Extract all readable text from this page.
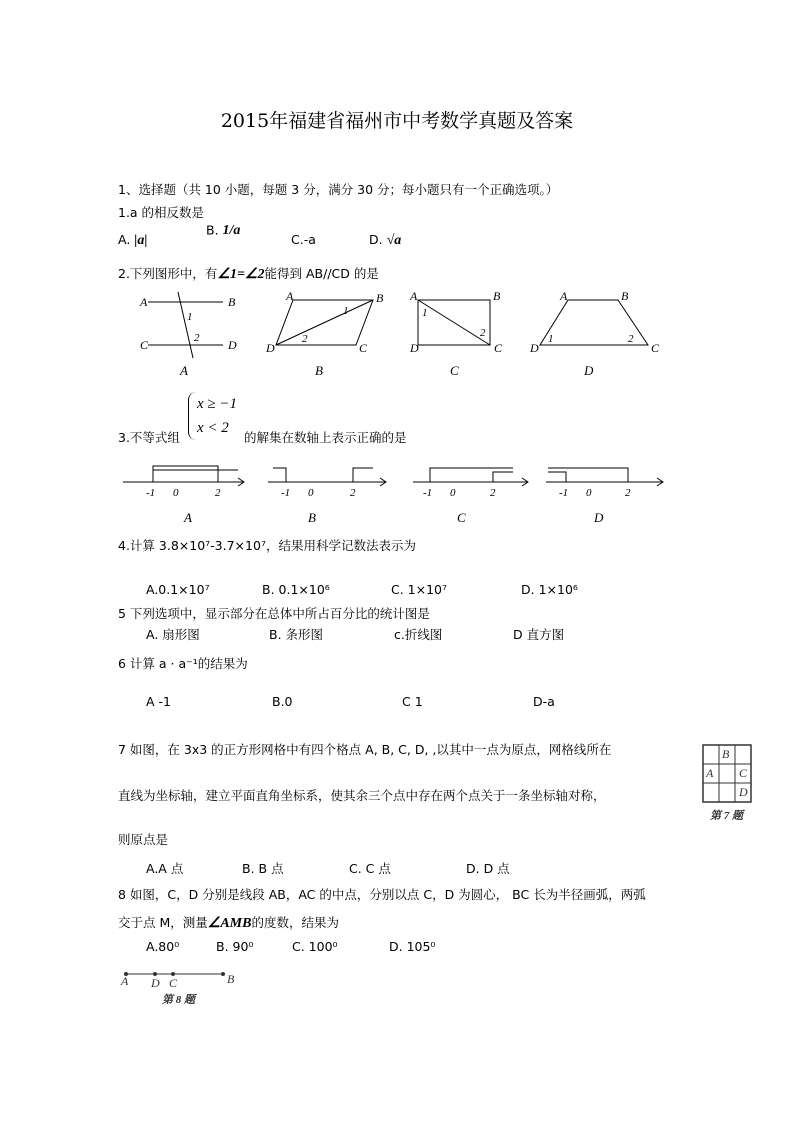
2015年福建省福州市中考数学真题及答案
1、选择题（共 10 小题，每题 3 分，满分 30 分；每小题只有一个正确选项。）
1.a 的相反数是
A. |a|
B. 1/a
C.-a	D. √a
2.下列图形中，有∠1=∠2能得到 AB//CD 的是
A	B
C	D
1
2
A
A	B
D	C
1
2
B
A	B
D	C
1
2
C
A	B
D	C
1	2
D
3.不等式组
x ≥ −1
x < 2
的解集在数轴上表示正确的是
-1 0	2
A
-1 0	2
B
-1 0	2
C
-1 0	2
D
4.计算 3.8×10⁷-3.7×10⁷，结果用科学记数法表示为
A.0.1×10⁷	B. 0.1×10⁶	C. 1×10⁷	D. 1×10⁶
5 下列选项中，显示部分在总体中所占百分比的统计图是
A. 扇形图	B. 条形图	c.折线图	D 直方图
6 计算 a · a⁻¹的结果为
A -1	B.0	C 1	D-a
7 如图，在 3x3 的正方形网格中有四个格点 A, B, C, D, ,以其中一点为原点，网格线所在
直线为坐标轴，建立平面直角坐标系，使其余三个点中存在两个点关于一条坐标轴对称，
则原点是
B
A C
D
第 7 题
A.A 点	B. B 点	C. C 点	D. D 点
8 如图，C，D 分别是线段 AB，AC 的中点，分别以点 C，D 为圆心， BC 长为半径画弧，两弧
交于点 M，测量∠AMB的度数，结果为
A.80⁰	B. 90⁰	C. 100⁰	D. 105⁰
A D C	B
第 8 题
